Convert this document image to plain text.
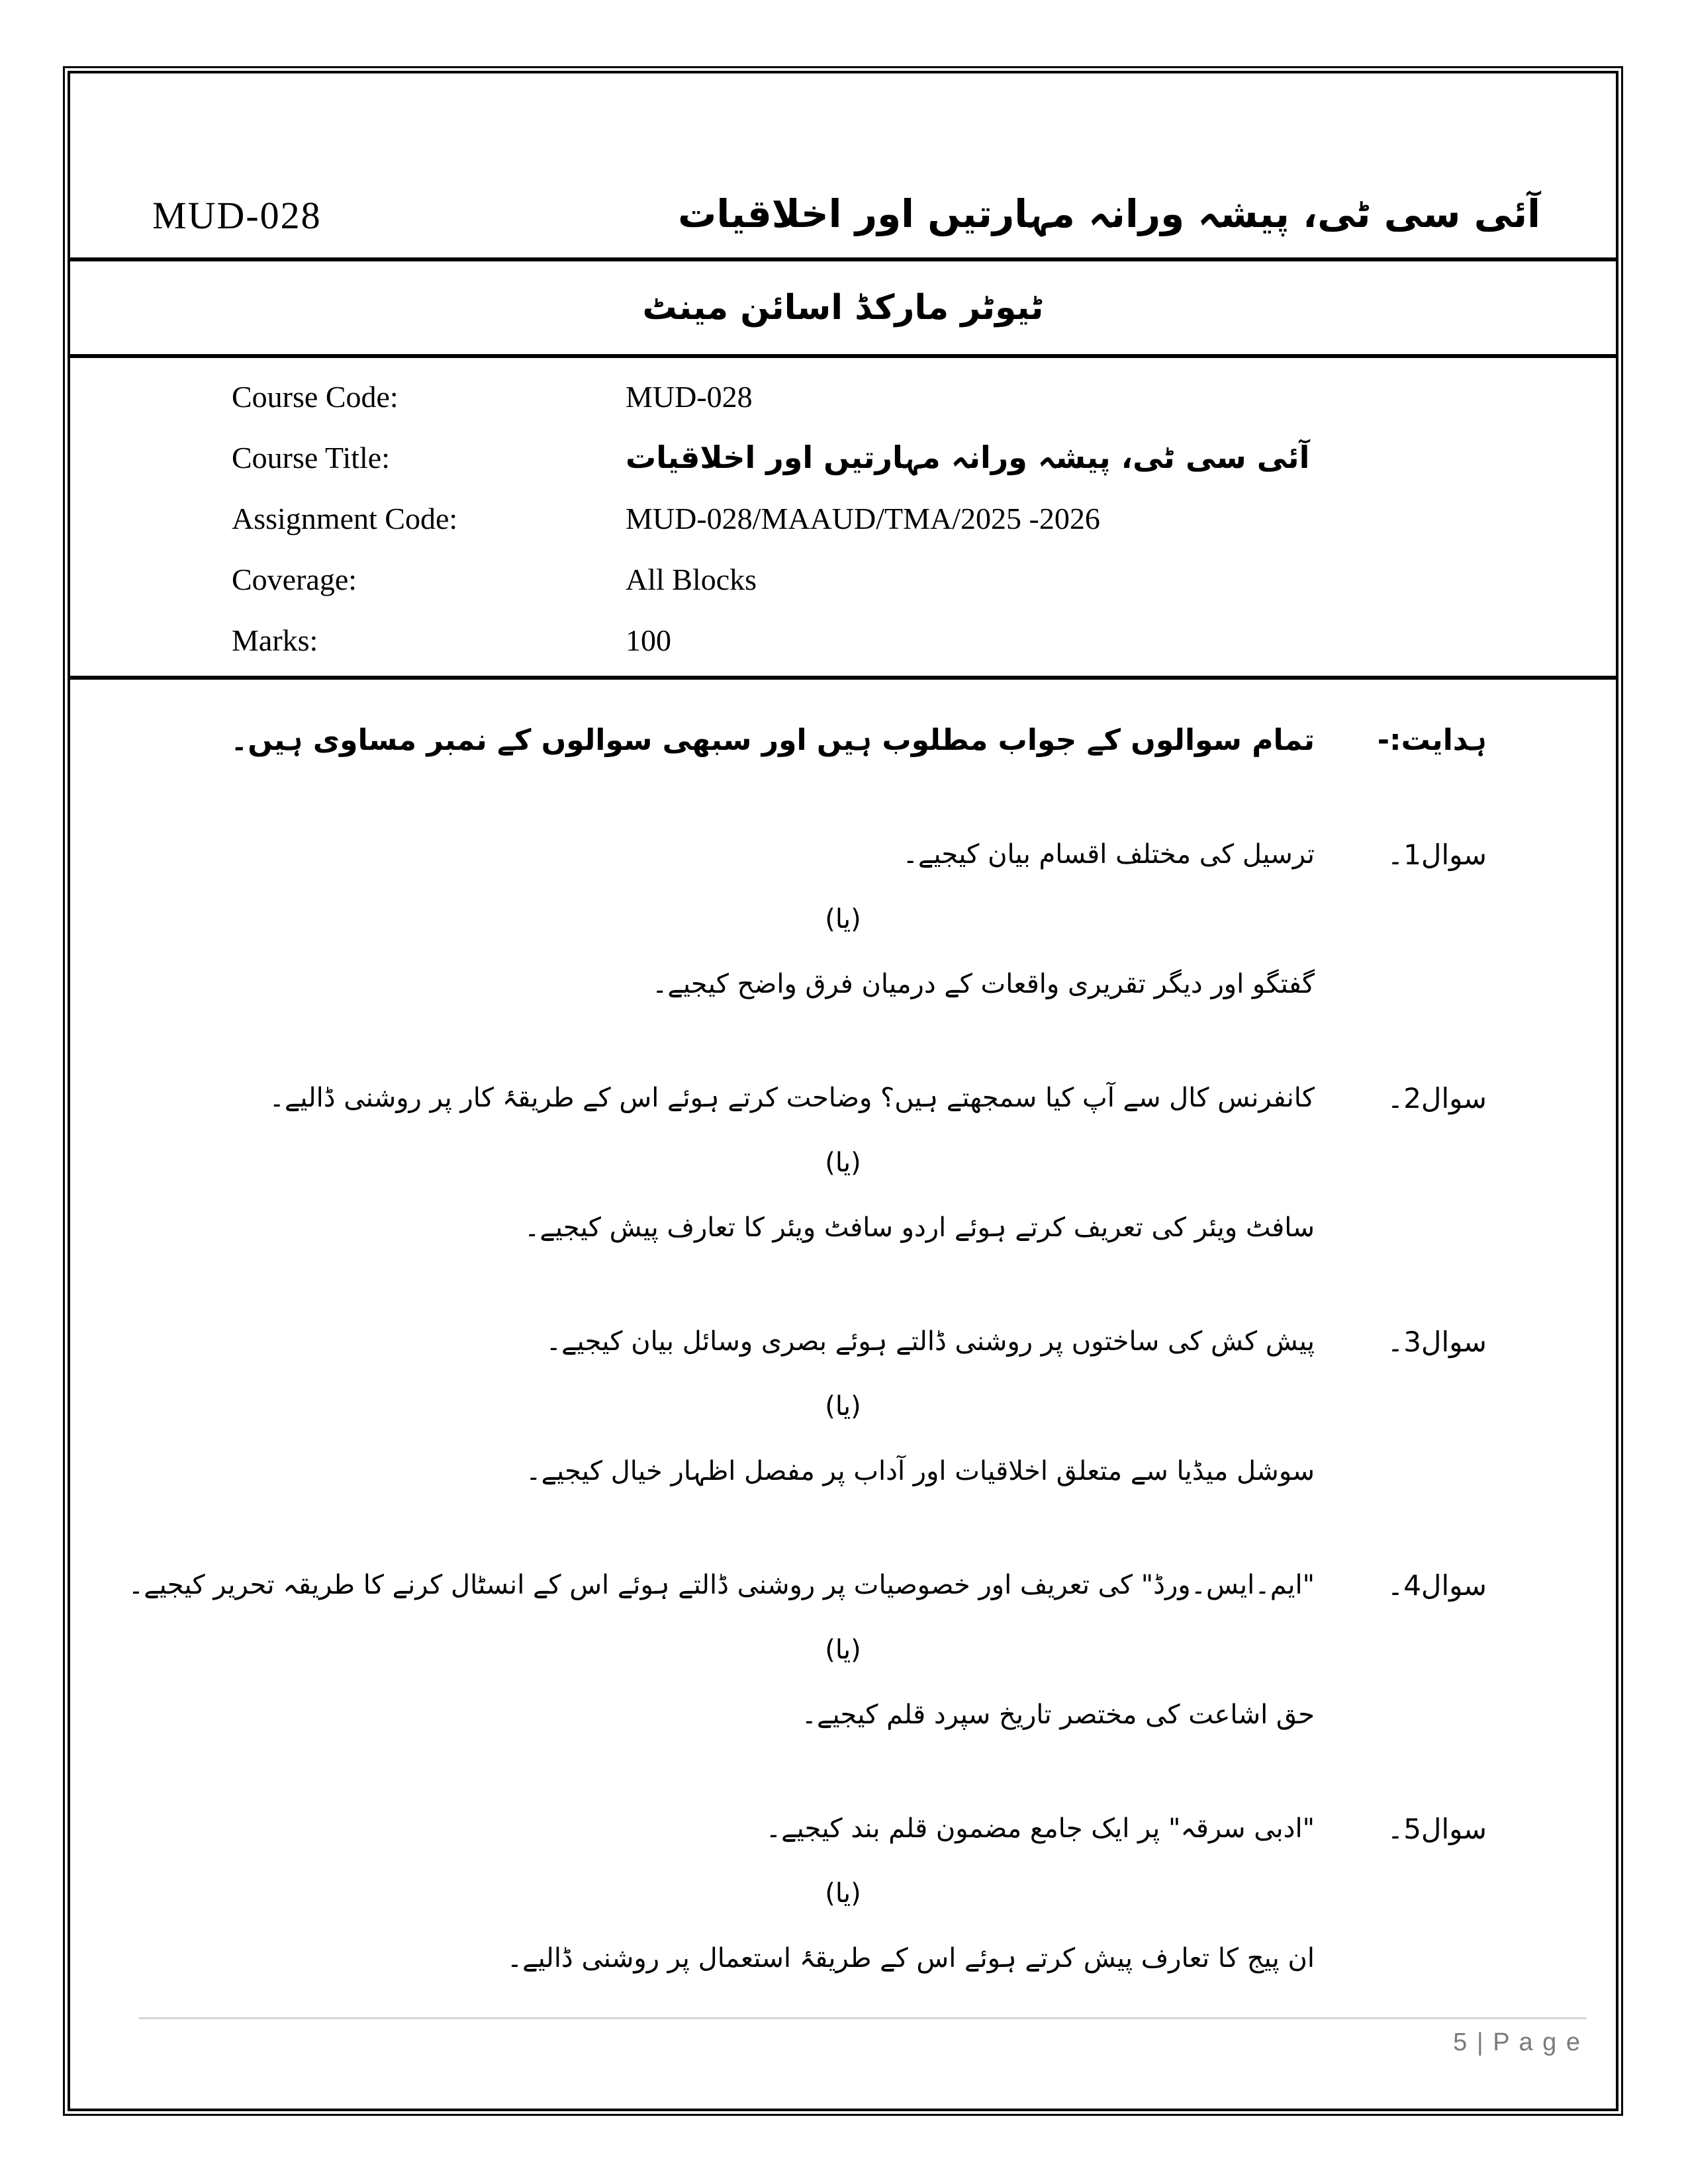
MUD-028	آئی سی ٹی، پیشہ ورانہ مہارتیں اور اخلاقیات
ٹیوٹر مارکڈ اسائن مینٹ
Course Code:	MUD-028
Course Title:	آئی سی ٹی، پیشہ ورانہ مہارتیں اور اخلاقیات
Assignment Code:	MUD-028/MAAUD/TMA/2025 -2026
Coverage:	All Blocks
Marks:	100
ہدایت:-
تمام سوالوں کے جواب مطلوب ہیں اور سبھی سوالوں کے نمبر مساوی ہیں۔
سوال1۔
ترسیل کی مختلف اقسام بیان کیجیے۔
(یا)
گفتگو اور دیگر تقریری واقعات کے درمیان فرق واضح کیجیے۔
سوال2۔
کانفرنس کال سے آپ کیا سمجھتے ہیں؟ وضاحت کرتے ہوئے اس کے طریقۂ کار پر روشنی ڈالیے۔
(یا)
سافٹ ویئر کی تعریف کرتے ہوئے اردو سافٹ ویئر کا تعارف پیش کیجیے۔
سوال3۔
پیش کش کی ساختوں پر روشنی ڈالتے ہوئے بصری وسائل بیان کیجیے۔
(یا)
سوشل میڈیا سے متعلق اخلاقیات اور آداب پر مفصل اظہار خیال کیجیے۔
سوال4۔
"ایم۔ایس۔ورڈ" کی تعریف اور خصوصیات پر روشنی ڈالتے ہوئے اس کے انسٹال کرنے کا طریقہ تحریر کیجیے۔
(یا)
حق اشاعت کی مختصر تاریخ سپرد قلم کیجیے۔
سوال5۔
"ادبی سرقہ" پر ایک جامع مضمون قلم بند کیجیے۔
(یا)
ان پیج کا تعارف پیش کرتے ہوئے اس کے طریقۂ استعمال پر روشنی ڈالیے۔
5 | P a g e
